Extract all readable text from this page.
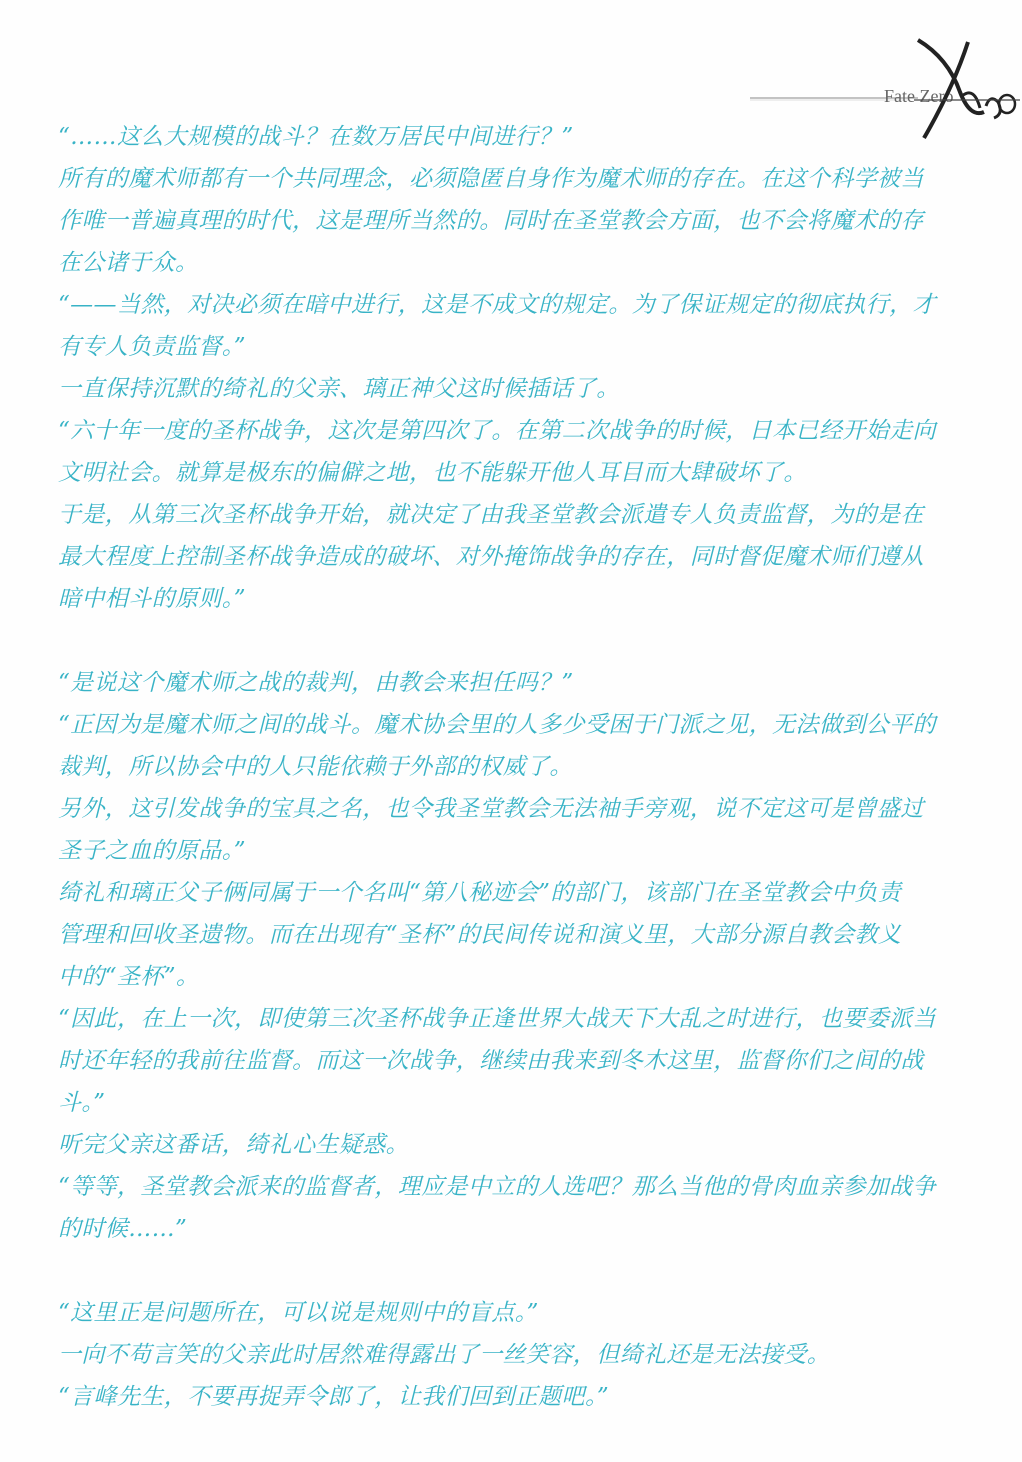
Fate Zero
“……这么大规模的战斗？在数万居民中间进行？”
所有的魔术师都有一个共同理念，必须隐匿自身作为魔术师的存在。在这个科学被当
作唯一普遍真理的时代，这是理所当然的。同时在圣堂教会方面，也不会将魔术的存
在公诸于众。
“——当然，对决必须在暗中进行，这是不成文的规定。为了保证规定的彻底执行，才
有专人负责监督。”
一直保持沉默的绮礼的父亲、璃正神父这时候插话了。
“六十年一度的圣杯战争，这次是第四次了。在第二次战争的时候，日本已经开始走向
文明社会。就算是极东的偏僻之地，也不能躲开他人耳目而大肆破坏了。
于是，从第三次圣杯战争开始，就决定了由我圣堂教会派遣专人负责监督，为的是在
最大程度上控制圣杯战争造成的破坏、对外掩饰战争的存在，同时督促魔术师们遵从
暗中相斗的原则。”
“是说这个魔术师之战的裁判，由教会来担任吗？”
“正因为是魔术师之间的战斗。魔术协会里的人多少受困于门派之见，无法做到公平的
裁判，所以协会中的人只能依赖于外部的权威了。
另外，这引发战争的宝具之名，也令我圣堂教会无法袖手旁观，说不定这可是曾盛过
圣子之血的原品。”
绮礼和璃正父子俩同属于一个名叫“第八秘迹会”的部门，该部门在圣堂教会中负责
管理和回收圣遗物。而在出现有“圣杯”的民间传说和演义里，大部分源自教会教义
中的“圣杯”。
“因此，在上一次，即使第三次圣杯战争正逢世界大战天下大乱之时进行，也要委派当
时还年轻的我前往监督。而这一次战争，继续由我来到冬木这里，监督你们之间的战
斗。”
听完父亲这番话，绮礼心生疑惑。
“等等，圣堂教会派来的监督者，理应是中立的人选吧？那么当他的骨肉血亲参加战争
的时候……”
“这里正是问题所在，可以说是规则中的盲点。”
一向不苟言笑的父亲此时居然难得露出了一丝笑容，但绮礼还是无法接受。
“言峰先生，不要再捉弄令郎了，让我们回到正题吧。”
